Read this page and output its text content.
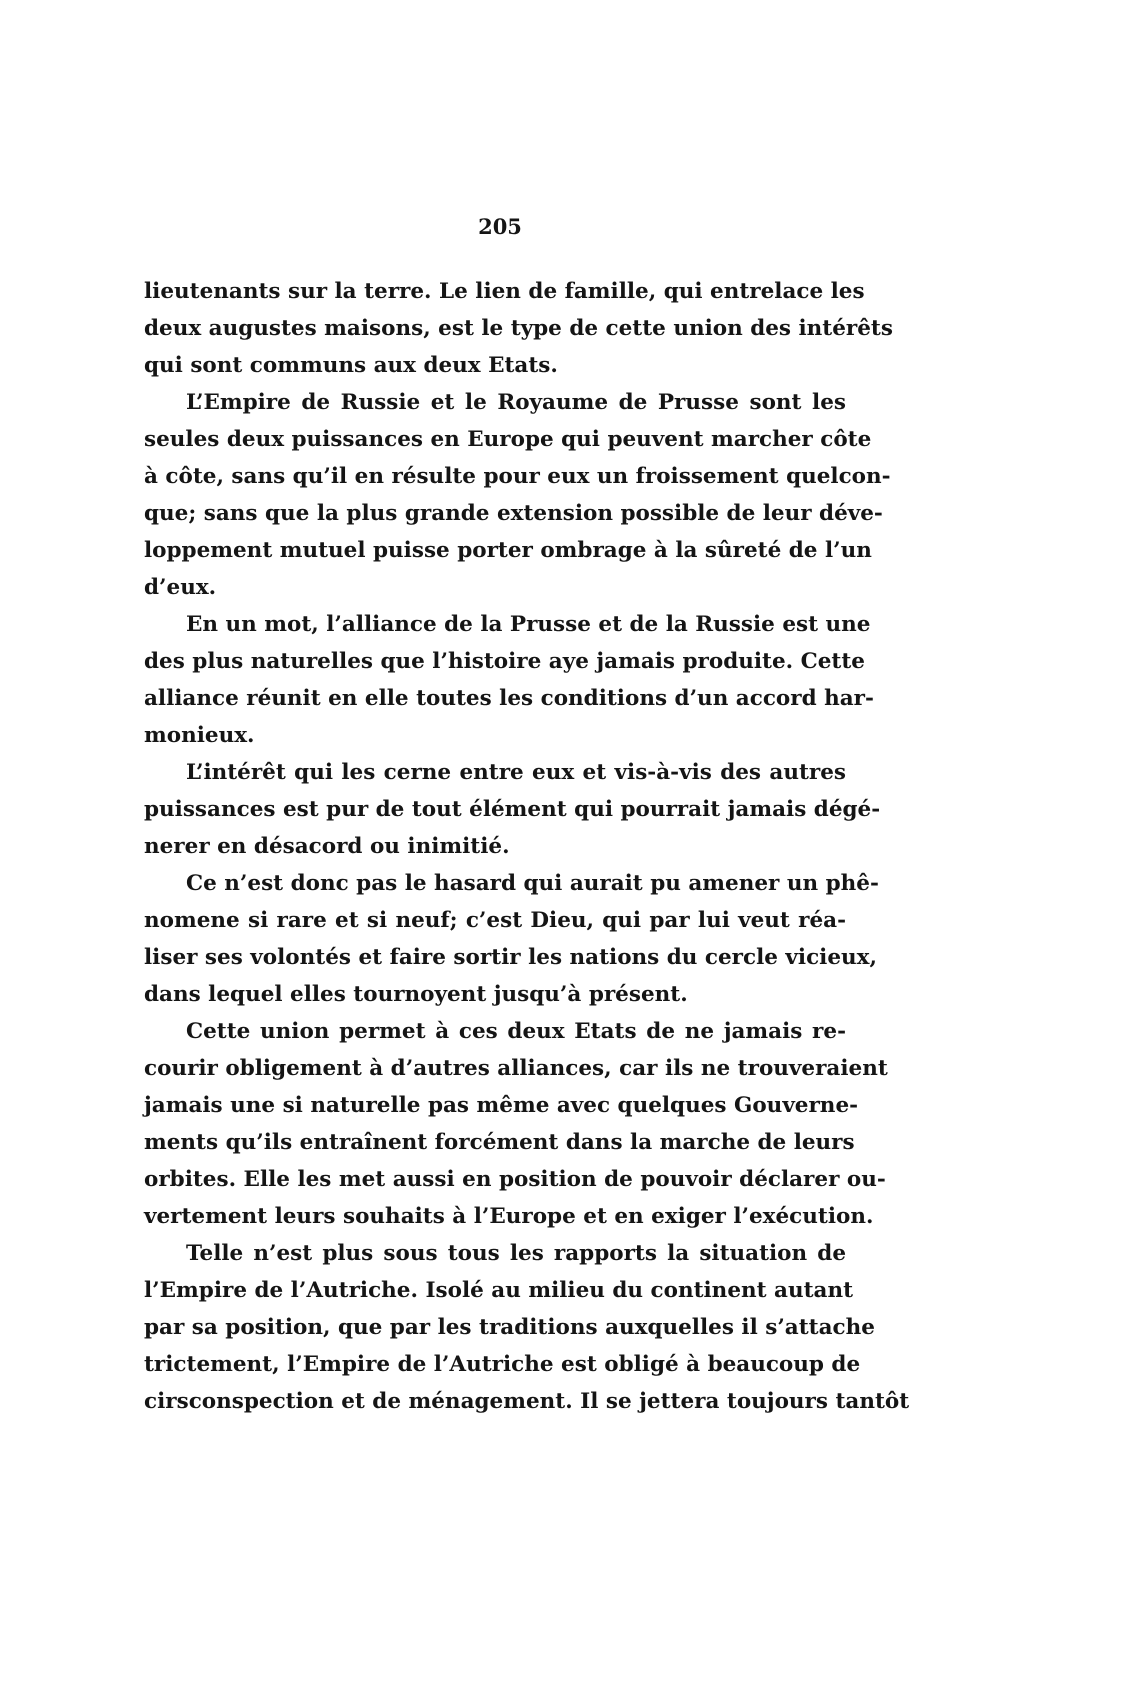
205
lieutenants sur la terre. Le lien de famille, qui entrelace les
deux augustes maisons, est le type de cette union des intérêts
qui sont communs aux deux Etats.
L’Empire de Russie et le Royaume de Prusse sont les
seules deux puissances en Europe qui peuvent marcher côte
à côte, sans qu’il en résulte pour eux un froissement quelcon-
que; sans que la plus grande extension possible de leur déve-
loppement mutuel puisse porter ombrage à la sûreté de l’un
d’eux.
En un mot, l’alliance de la Prusse et de la Russie est une
des plus naturelles que l’histoire aye jamais produite. Cette
alliance réunit en elle toutes les conditions d’un accord har-
monieux.
L’intérêt qui les cerne entre eux et vis-à-vis des autres
puissances est pur de tout élément qui pourrait jamais dégé-
nerer en désacord ou inimitié.
Ce n’est donc pas le hasard qui aurait pu amener un phê-
nomene si rare et si neuf; c’est Dieu, qui par lui veut réa-
liser ses volontés et faire sortir les nations du cercle vicieux,
dans lequel elles tournoyent jusqu’à présent.
Cette union permet à ces deux Etats de ne jamais re-
courir obligement à d’autres alliances, car ils ne trouveraient
jamais une si naturelle pas même avec quelques Gouverne-
ments qu’ils entraînent forcément dans la marche de leurs
orbites. Elle les met aussi en position de pouvoir déclarer ou-
vertement leurs souhaits à l’Europe et en exiger l’exécution.
Telle n’est plus sous tous les rapports la situation de
l’Empire de l’Autriche. Isolé au milieu du continent autant
par sa position, que par les traditions auxquelles il s’attache
trictement, l’Empire de l’Autriche est obligé à beaucoup de
cirsconspection et de ménagement. Il se jettera toujours tantôt
